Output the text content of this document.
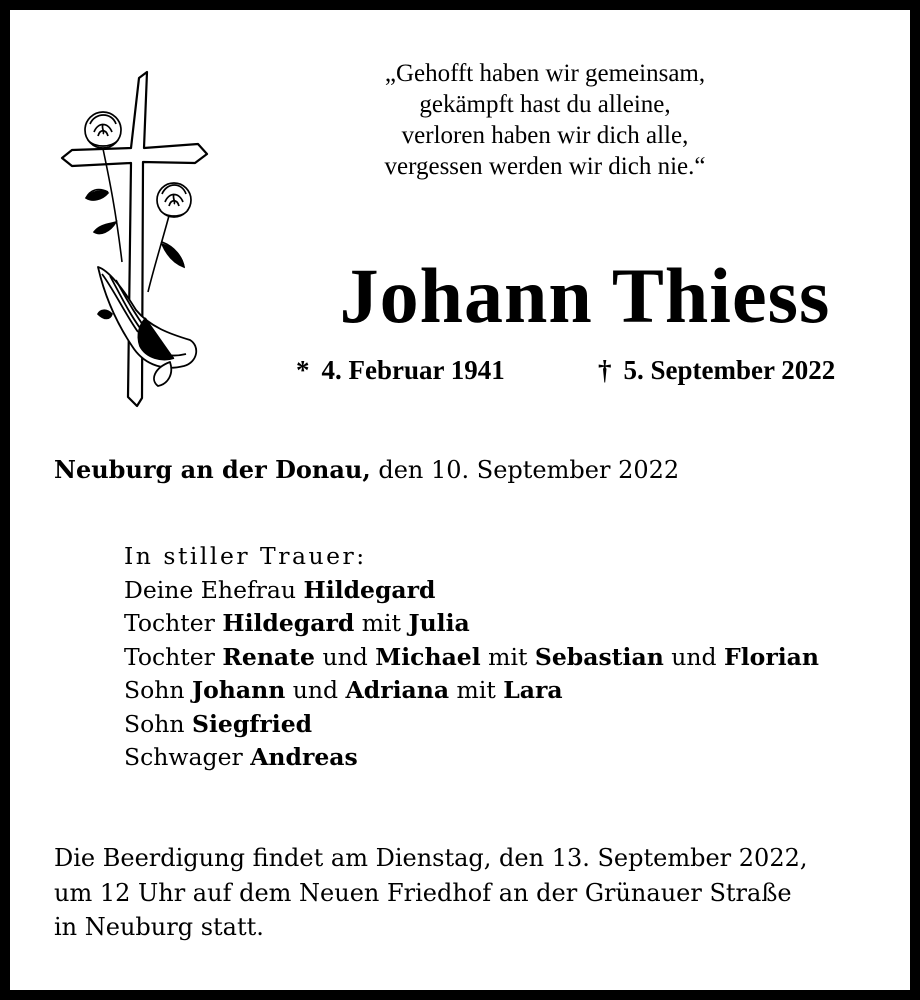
„Gehofft haben wir gemeinsam,
gekämpft hast du alleine,
verloren haben wir dich alle,
vergessen werden wir dich nie.“
Johann Thiess
* 4. Februar 1941	† 5. September 2022
Neuburg an der Donau, den 10. September 2022
In stiller Trauer:
Deine Ehefrau Hildegard
Tochter Hildegard mit Julia
Tochter Renate und Michael mit Sebastian und Florian
Sohn Johann und Adriana mit Lara
Sohn Siegfried
Schwager Andreas
Die Beerdigung findet am Dienstag, den 13. September 2022,
um 12 Uhr auf dem Neuen Friedhof an der Grünauer Straße
in Neuburg statt.
